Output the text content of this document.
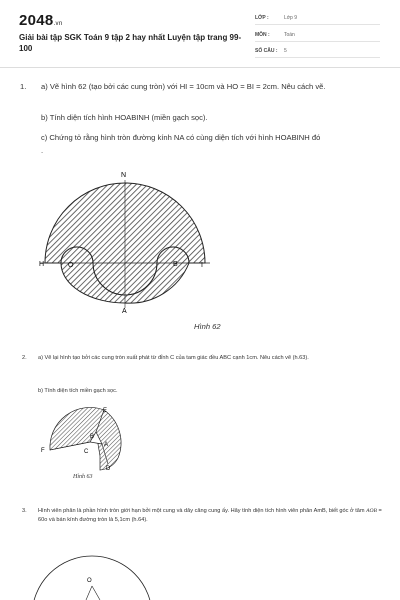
2048.vn
Giải bài tập SGK Toán 9 tập 2 hay nhất Luyện tập trang 99-100
LỚP :	Lớp 9
MÔN :	Toán
SỐ CÂU : 5
1. a) Vẽ hình 62 (tạo bởi các cung tròn) với HI = 10cm và HO = BI = 2cm. Nêu cách vẽ.
b) Tính diện tích hình HOABINH (miền gạch sọc).
c) Chứng tỏ rằng hình tròn đường kính NA có cùng diện tích với hình HOABINH đó
.
N
H	O	B	I
A
Hình 62
2. a) Vẽ lại hình tạo bởi các cung tròn xuất phát từ đỉnh C của tam giác đều ABC cạnh 1cm. Nêu cách vẽ (h.63).
b) Tính diện tích miền gạch sọc.
E
F
B
A
C
D
Hình 63
3. Hình viên phân là phần hình tròn giới hạn bởi một cung và dây căng cung ấy. Hãy tính diện tích hình viên phân AmB, biết góc ở tâm AOB = 60o và bán kính đường tròn là 5,1cm (h.64).
O
